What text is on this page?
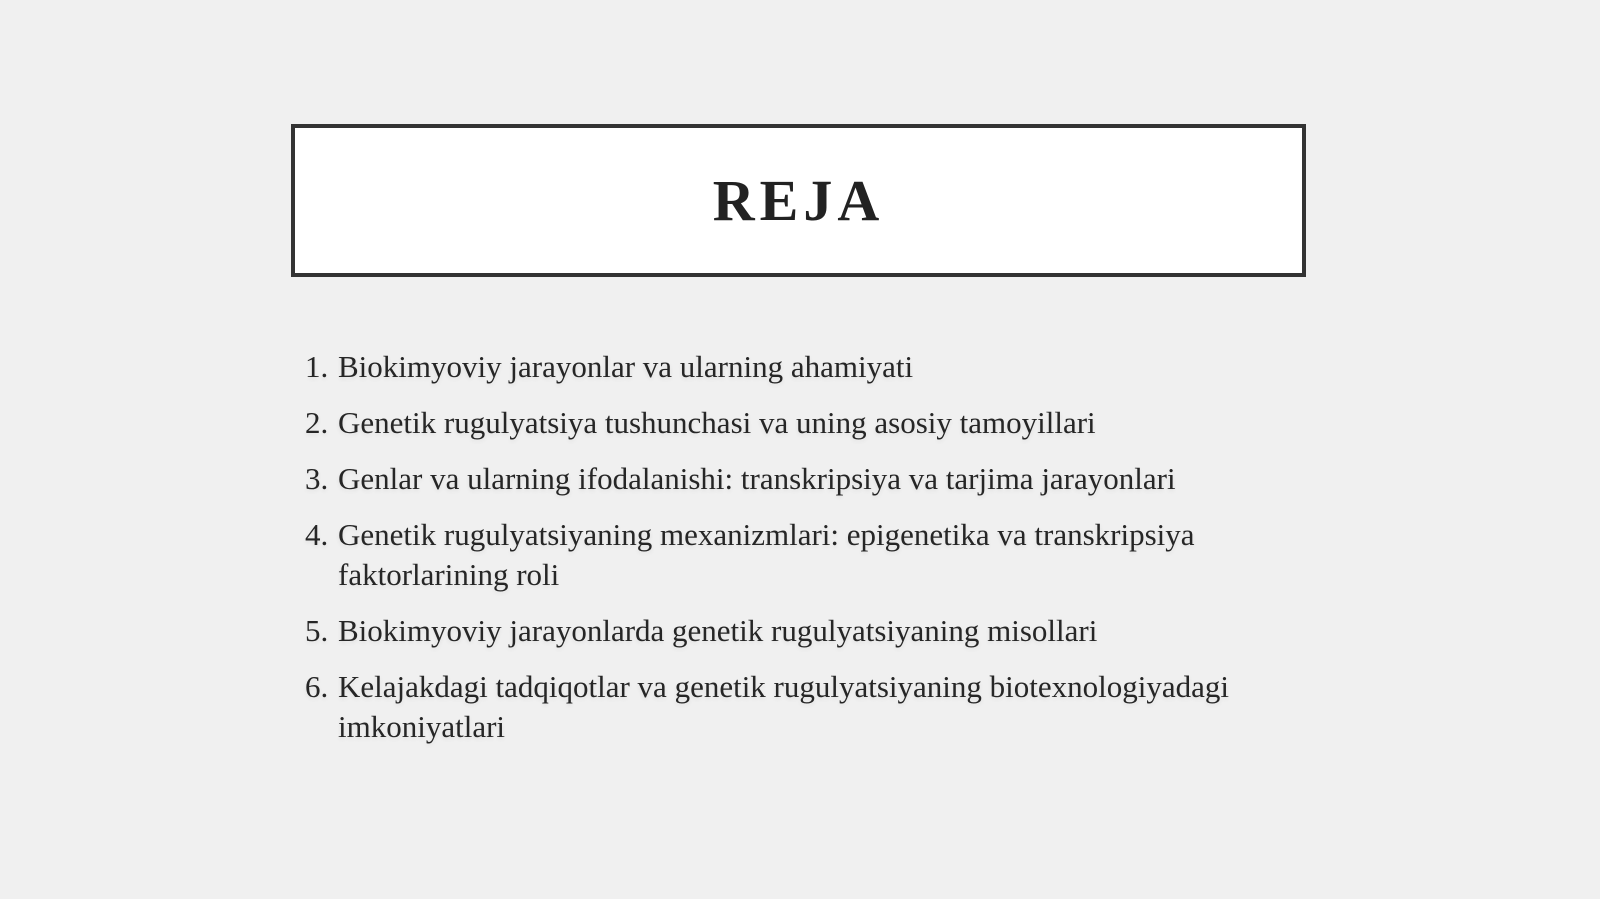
REJA
1. Biokimyoviy jarayonlar va ularning ahamiyati
2. Genetik rugulyatsiya tushunchasi va uning asosiy tamoyillari
3. Genlar va ularning ifodalanishi: transkripsiya va tarjima jarayonlari
4. Genetik rugulyatsiyaning mexanizmlari: epigenetika va transkripsiya faktorlarining roli
5. Biokimyoviy jarayonlarda genetik rugulyatsiyaning misollari
6. Kelajakdagi tadqiqotlar va genetik rugulyatsiyaning biotexnologiyadagi imkoniyatlari
